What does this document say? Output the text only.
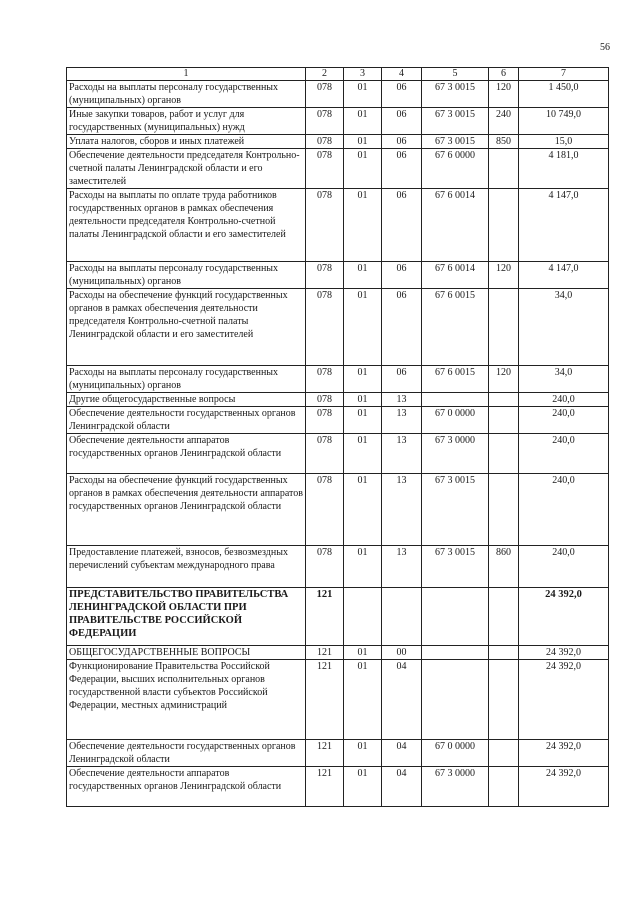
56
1	2	3	4	5	6	7
Расходы на выплаты персоналу государственных (муниципальных) органов	078	01	06	67 3 0015	120	1 450,0
Иные закупки товаров, работ и услуг для государственных (муниципальных) нужд	078	01	06	67 3 0015	240	10 749,0
Уплата налогов, сборов и иных платежей	078	01	06	67 3 0015	850	15,0
Обеспечение деятельности председателя Контрольно-счетной палаты Ленинградской области и его заместителей	078	01	06	67 6 0000		4 181,0
Расходы на выплаты по оплате труда работников государственных органов в рамках обеспечения деятельности председателя Контрольно-счетной палаты Ленинградской области и его заместителей	078	01	06	67 6 0014		4 147,0
Расходы на выплаты персоналу государственных (муниципальных) органов	078	01	06	67 6 0014	120	4 147,0
Расходы на обеспечение функций государственных органов в рамках обеспечения деятельности председателя Контрольно-счетной палаты Ленинградской области и его заместителей	078	01	06	67 6 0015		34,0
Расходы на выплаты персоналу государственных (муниципальных) органов	078	01	06	67 6 0015	120	34,0
Другие общегосударственные вопросы	078	01	13			240,0
Обеспечение деятельности государственных органов Ленинградской области	078	01	13	67 0 0000		240,0
Обеспечение деятельности аппаратов государственных органов Ленинградской области	078	01	13	67 3 0000		240,0
Расходы на обеспечение функций государственных органов в рамках обеспечения деятельности аппаратов государственных органов Ленинградской области	078	01	13	67 3 0015		240,0
Предоставление платежей, взносов, безвозмездных перечислений субъектам международного права	078	01	13	67 3 0015	860	240,0
ПРЕДСТАВИТЕЛЬСТВО ПРАВИТЕЛЬСТВА ЛЕНИНГРАДСКОЙ ОБЛАСТИ ПРИ ПРАВИТЕЛЬСТВЕ РОССИЙСКОЙ ФЕДЕРАЦИИ	121					24 392,0
ОБЩЕГОСУДАРСТВЕННЫЕ ВОПРОСЫ	121	01	00			24 392,0
Функционирование Правительства Российской Федерации, высших исполнительных органов государственной власти субъектов Российской Федерации, местных администраций	121	01	04			24 392,0
Обеспечение деятельности государственных органов Ленинградской области	121	01	04	67 0 0000		24 392,0
Обеспечение деятельности аппаратов государственных органов Ленинградской области	121	01	04	67 3 0000		24 392,0
